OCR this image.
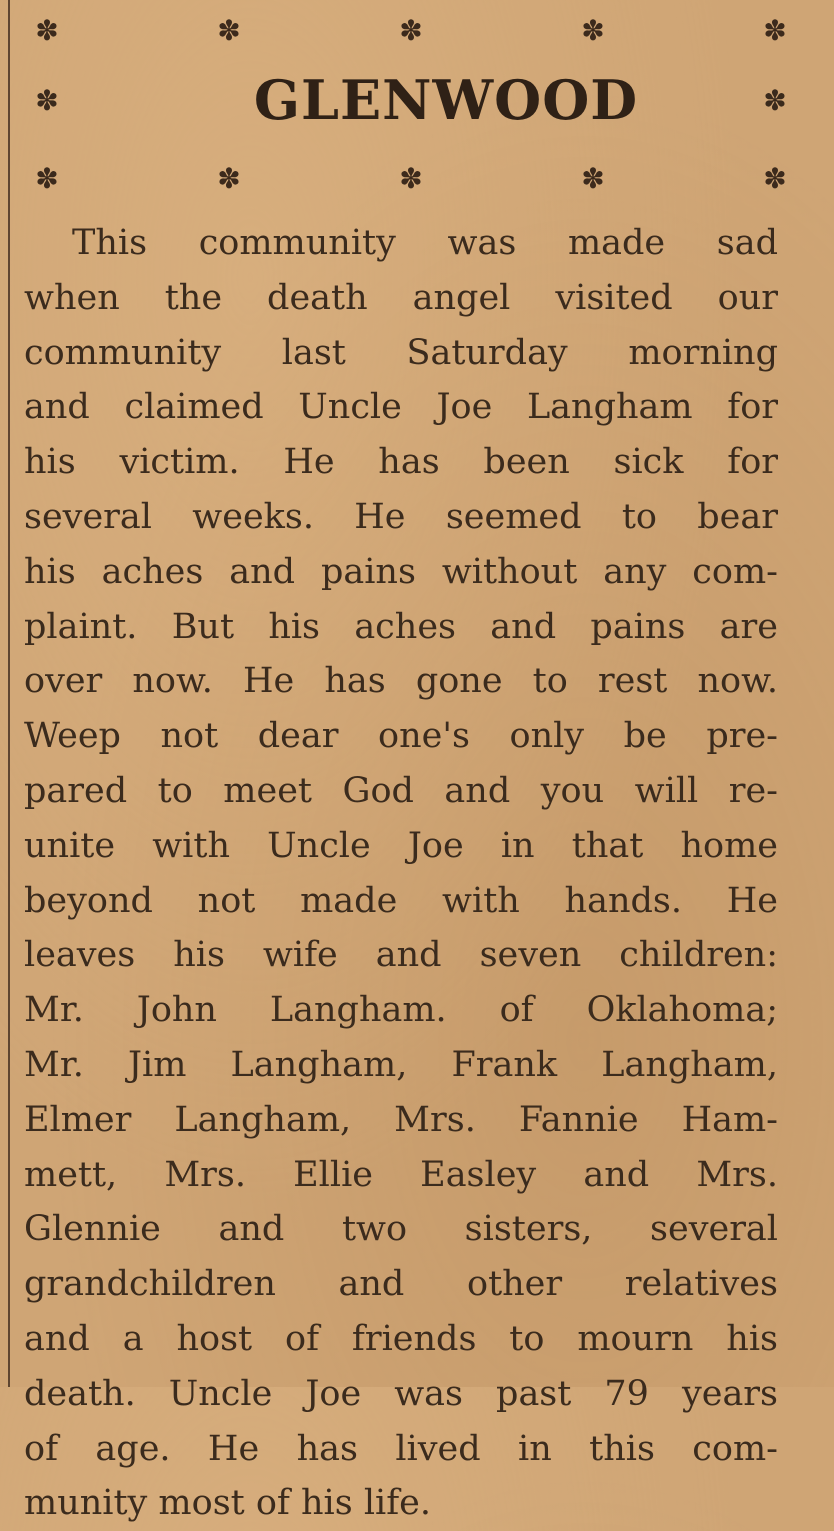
✽	✽	✽	✽	✽
✽	GLENWOOD	✽
✽	✽	✽	✽	✽
This community was made sad
when the death angel visited our
community last Saturday morning
and claimed Uncle Joe Langham for
his victim. He has been sick for
several weeks. He seemed to bear
his aches and pains without any com-
plaint. But his aches and pains are
over now. He has gone to rest now.
Weep not dear one's only be pre-
pared to meet God and you will re-
unite with Uncle Joe in that home
beyond not made with hands. He
leaves his wife and seven children:
Mr. John Langham. of Oklahoma;
Mr. Jim Langham, Frank Langham,
Elmer Langham, Mrs. Fannie Ham-
mett, Mrs. Ellie Easley and Mrs.
Glennie and two sisters, several
grandchildren and other relatives
and a host of friends to mourn his
death. Uncle Joe was past 79 years
of age. He has lived in this com-
munity most of his life.
